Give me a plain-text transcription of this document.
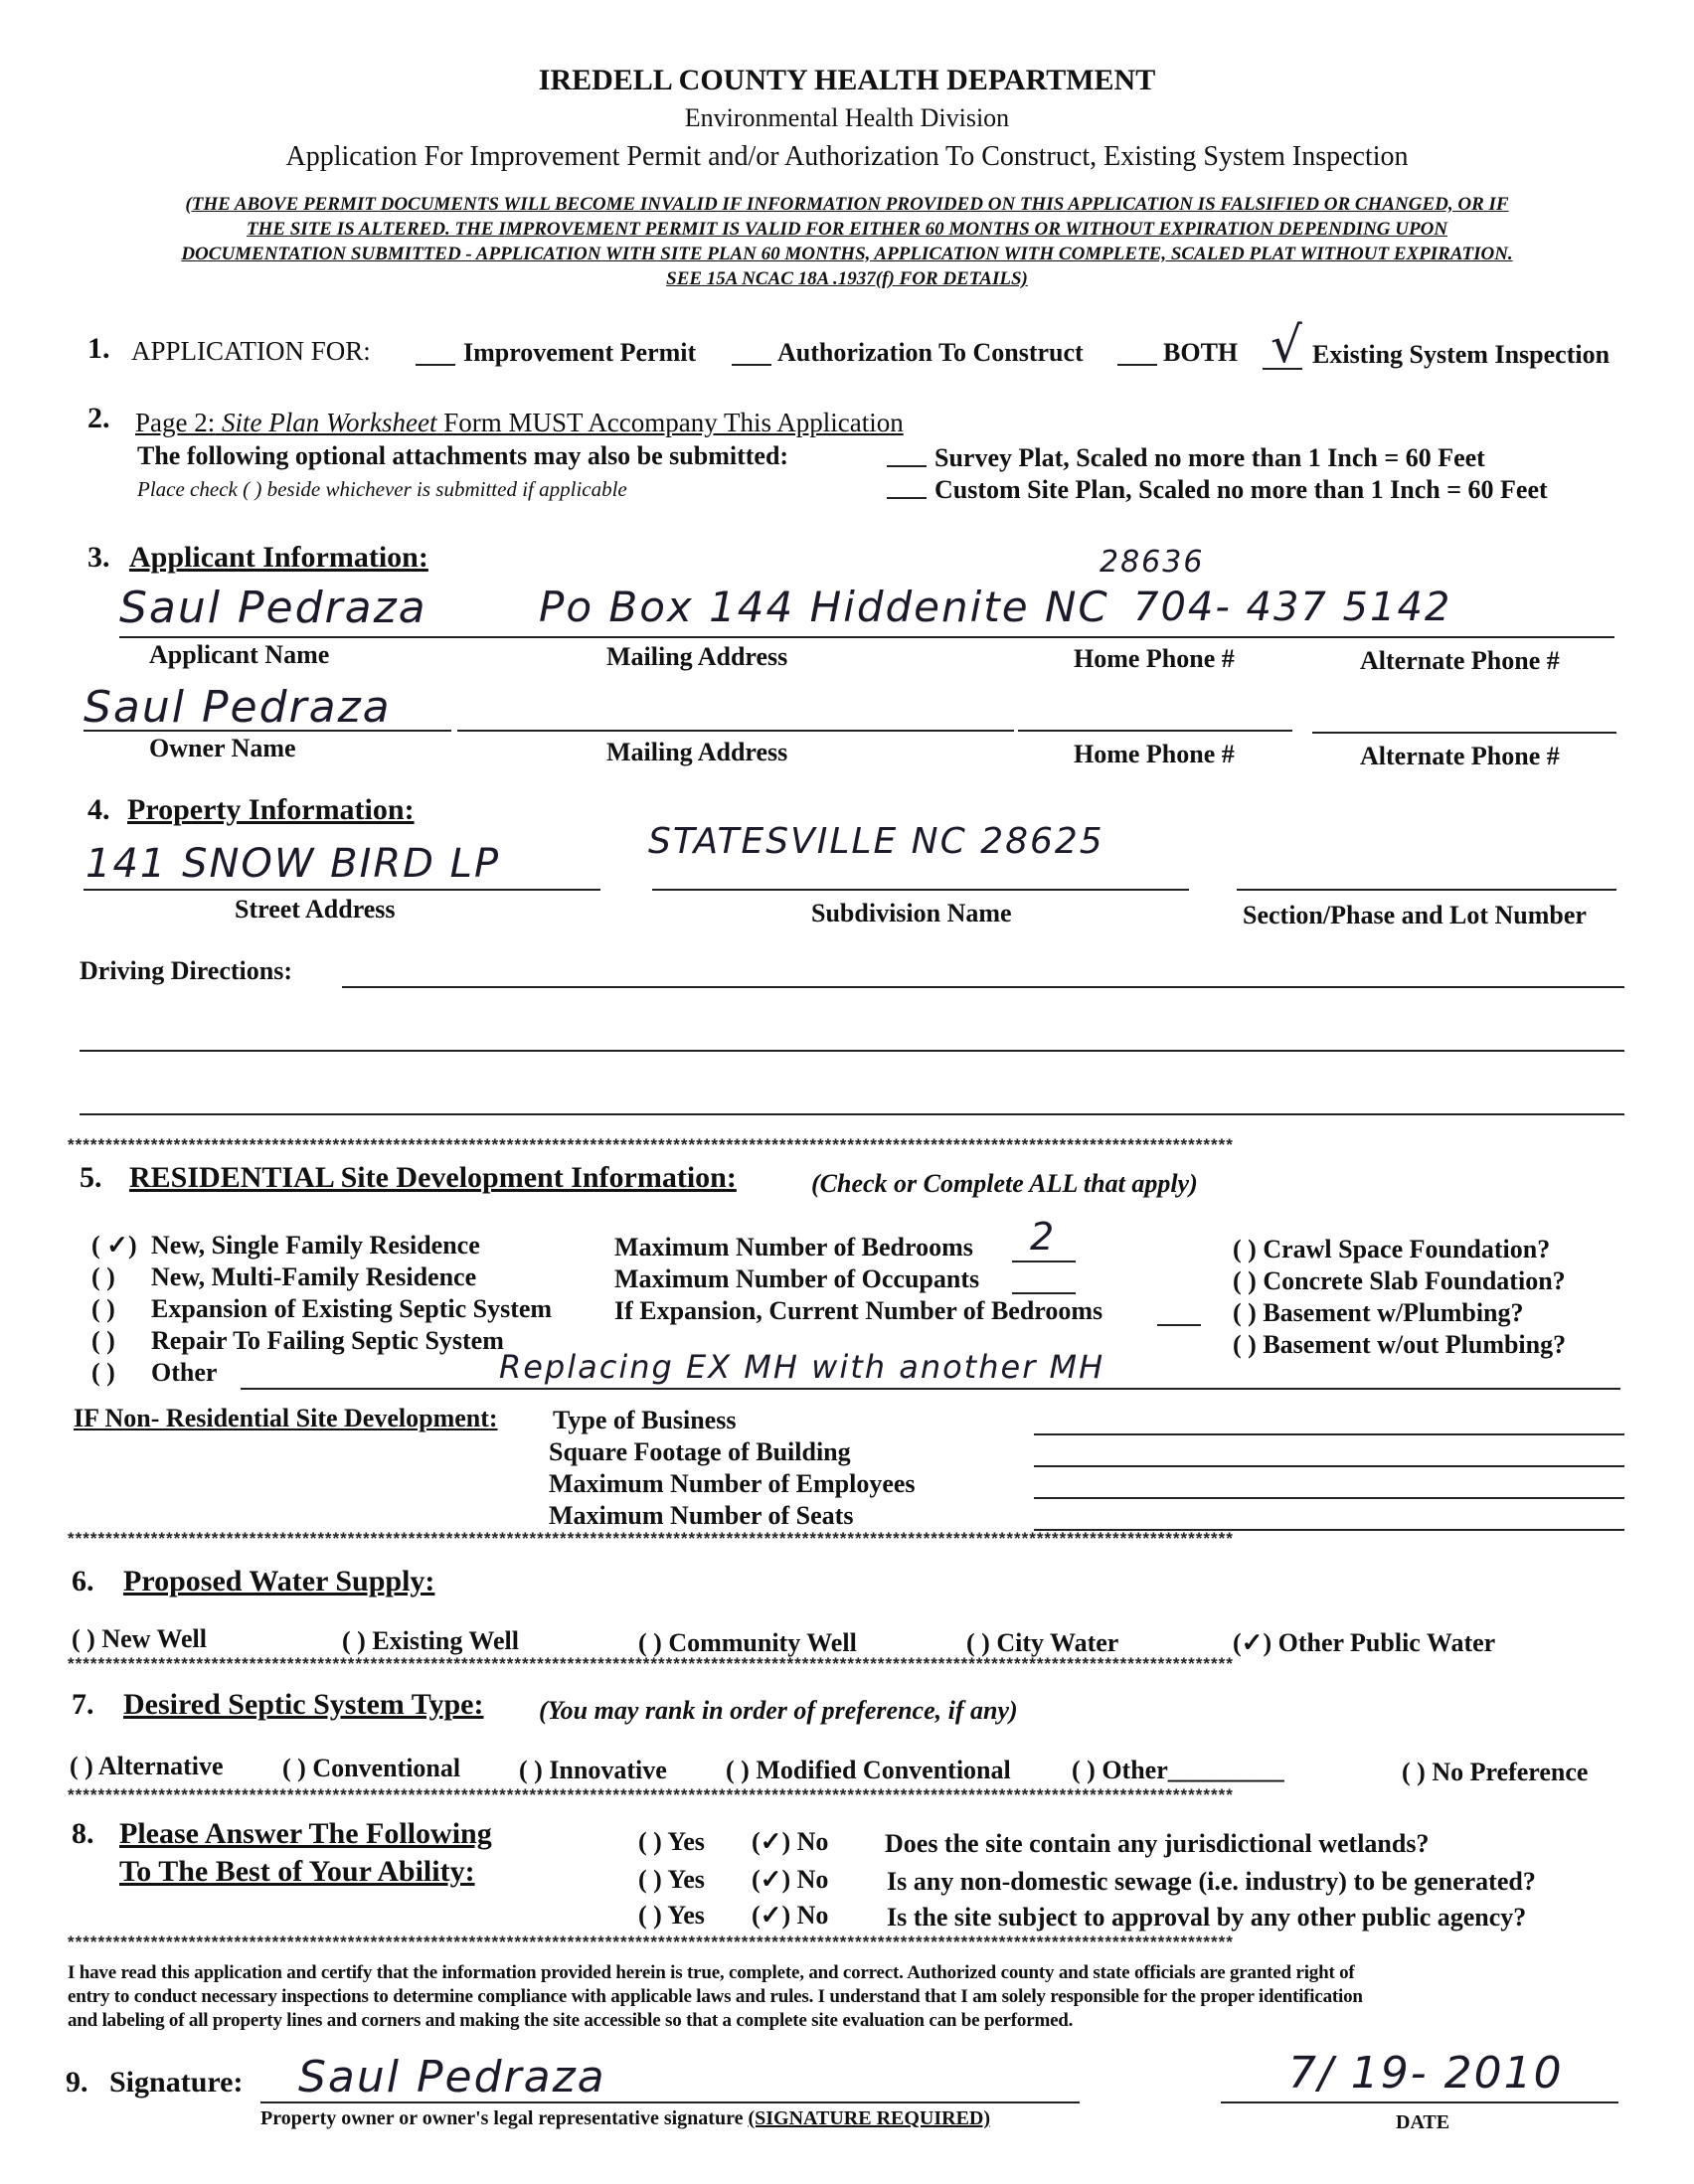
IREDELL COUNTY HEALTH DEPARTMENT
Environmental Health Division
Application For Improvement Permit and/or Authorization To Construct, Existing System Inspection
(THE ABOVE PERMIT DOCUMENTS WILL BECOME INVALID IF INFORMATION PROVIDED ON THIS APPLICATION IS FALSIFIED OR CHANGED, OR IF
THE SITE IS ALTERED. THE IMPROVEMENT PERMIT IS VALID FOR EITHER 60 MONTHS OR WITHOUT EXPIRATION DEPENDING UPON
DOCUMENTATION SUBMITTED - APPLICATION WITH SITE PLAN 60 MONTHS, APPLICATION WITH COMPLETE, SCALED PLAT WITHOUT EXPIRATION.
SEE 15A NCAC 18A .1937(f) FOR DETAILS)
1. APPLICATION FOR:	Improvement Permit	Authorization To Construct	BOTH √ Existing System Inspection
2. Page 2: Site Plan Worksheet Form MUST Accompany This Application
The following optional attachments may also be submitted:
Place check ( ) beside whichever is submitted if applicable
Survey Plat, Scaled no more than 1 Inch = 60 Feet
Custom Site Plan, Scaled no more than 1 Inch = 60 Feet
3. Applicant Information:	28636
Saul Pedraza	Po Box 144 Hiddenite NC 704- 437 5142
Applicant Name	Mailing Address	Home Phone #	Alternate Phone #
Saul Pedraza
Owner Name	Mailing Address	Home Phone #	Alternate Phone #
4. Property Information:
141 SNOW BIRD LP	STATESVILLE NC 28625
Street Address	Subdivision Name	Section/Phase and Lot Number
Driving Directions:
**********************************************************************************************************************************************************
5. RESIDENTIAL Site Development Information:	(Check or Complete ALL that apply)
( ✓) New, Single Family Residence
( ) New, Multi-Family Residence
( ) Expansion of Existing Septic System
( ) Repair To Failing Septic System
( ) Other	Replacing EX MH with another MH
Maximum Number of Bedrooms 2
Maximum Number of Occupants
If Expansion, Current Number of Bedrooms
( ) Crawl Space Foundation?
( ) Concrete Slab Foundation?
( ) Basement w/Plumbing?
( ) Basement w/out Plumbing?
IF Non- Residential Site Development: Type of Business
Square Footage of Building
Maximum Number of Employees
Maximum Number of Seats
**********************************************************************************************************************************************************
6. Proposed Water Supply:
( ) New Well	( ) Existing Well	( ) Community Well	( ) City Water	(✓) Other Public Water
**********************************************************************************************************************************************************
7. Desired Septic System Type: (You may rank in order of preference, if any)
( ) Alternative ( ) Conventional ( ) Innovative ( ) Modified Conventional ( ) Other_________	( ) No Preference
**********************************************************************************************************************************************************
8. Please Answer The Following
To The Best of Your Ability:
( ) Yes (✓) No Does the site contain any jurisdictional wetlands?
( ) Yes (✓) No Is any non-domestic sewage (i.e. industry) to be generated?
( ) Yes (✓) No Is the site subject to approval by any other public agency?
**********************************************************************************************************************************************************
I have read this application and certify that the information provided herein is true, complete, and correct. Authorized county and state officials are granted right of
entry to conduct necessary inspections to determine compliance with applicable laws and rules. I understand that I am solely responsible for the proper identification
and labeling of all property lines and corners and making the site accessible so that a complete site evaluation can be performed.
9. Signature: Saul Pedraza	7/ 19- 2010
Property owner or owner's legal representative signature (SIGNATURE REQUIRED)	DATE
